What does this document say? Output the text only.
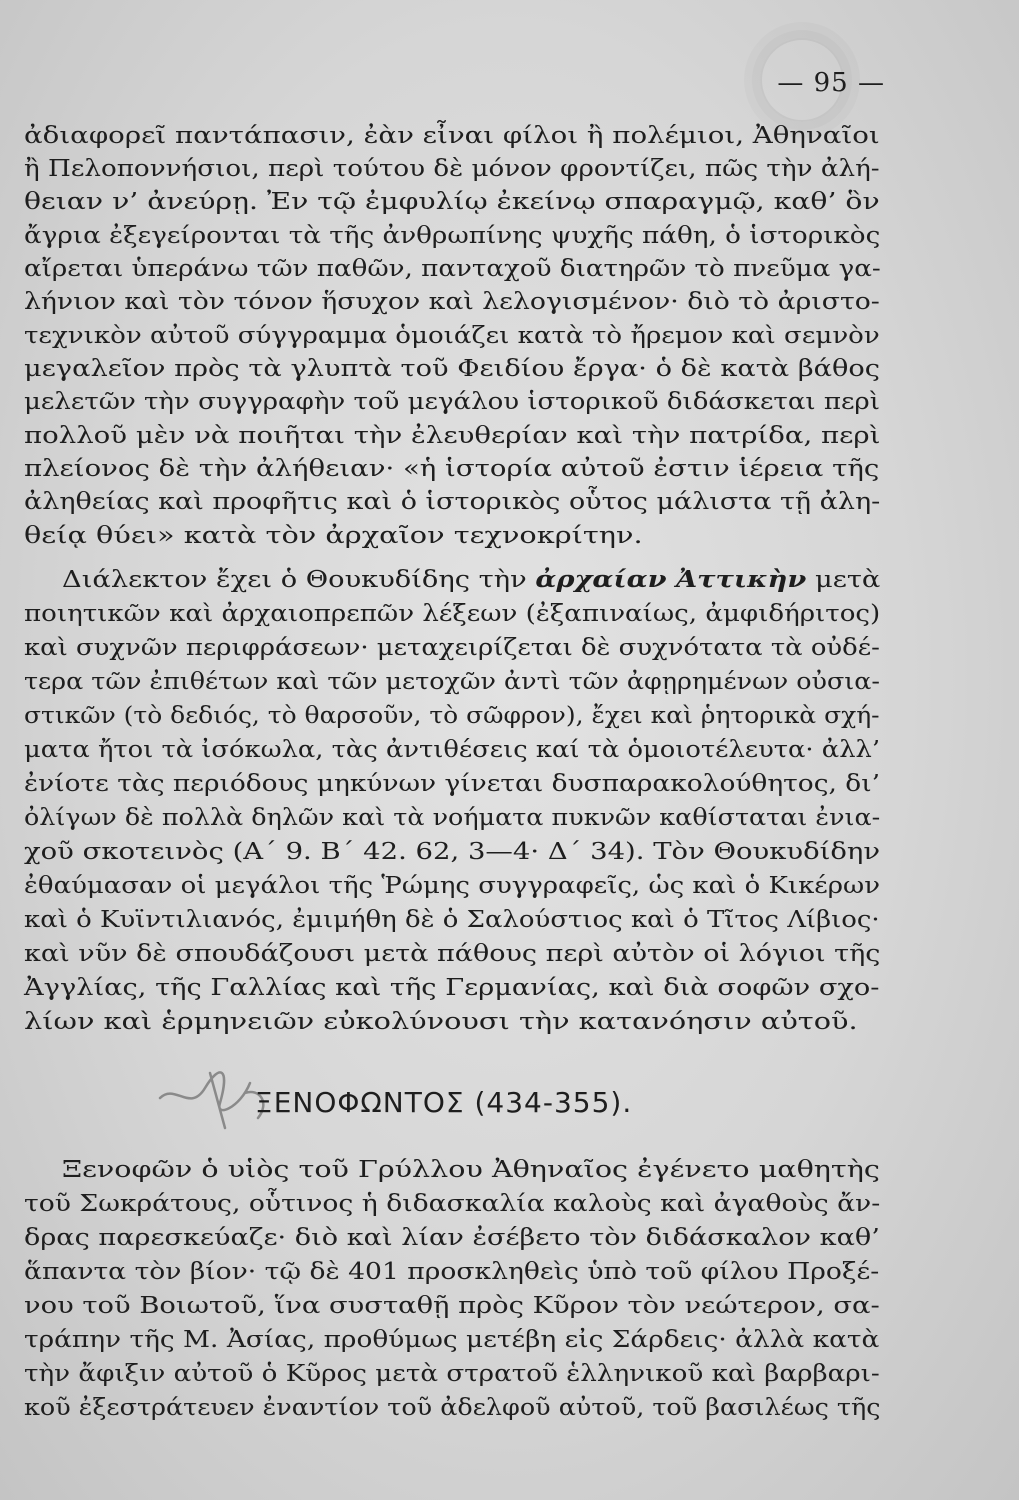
— 95 —
ἀδιαφορεῖ παντάπασιν, ἐὰν εἶναι φίλοι ἢ πολέμιοι, Ἀθηναῖοι
ἢ Πελοποννήσιοι, περὶ τούτου δὲ μόνον φροντίζει, πῶς τὴν ἀλή-
θειαν ν’ ἀνεύρῃ. Ἐν τῷ ἐμφυλίῳ ἐκείνῳ σπαραγμῷ, καθ’ ὃν
ἄγρια ἐξεγείρονται τὰ τῆς ἀνθρωπίνης ψυχῆς πάθη, ὁ ἱστορικὸς
αἴρεται ὑπεράνω τῶν παθῶν, πανταχοῦ διατηρῶν τὸ πνεῦμα γα-
λήνιον καὶ τὸν τόνον ἥσυχον καὶ λελογισμένον· διὸ τὸ ἀριστο-
τεχνικὸν αὐτοῦ σύγγραμμα ὁμοιάζει κατὰ τὸ ἤρεμον καὶ σεμνὸν
μεγαλεῖον πρὸς τὰ γλυπτὰ τοῦ Φειδίου ἔργα· ὁ δὲ κατὰ βάθος
μελετῶν τὴν συγγραφὴν τοῦ μεγάλου ἱστορικοῦ διδάσκεται περὶ
πολλοῦ μὲν νὰ ποιῆται τὴν ἐλευθερίαν καὶ τὴν πατρίδα, περὶ
πλείονος δὲ τὴν ἀλήθειαν· «ἡ ἱστορία αὐτοῦ ἐστιν ἱέρεια τῆς
ἀληθείας καὶ προφῆτις καὶ ὁ ἱστορικὸς οὗτος μάλιστα τῇ ἀλη-
θείᾳ θύει» κατὰ τὸν ἀρχαῖον τεχνοκρίτην.
Διάλεκτον ἔχει ὁ Θουκυδίδης τὴν ἀρχαίαν Ἀττικὴν μετὰ
ποιητικῶν καὶ ἀρχαιοπρεπῶν λέξεων (ἐξαπιναίως, ἀμφιδήριτος)
καὶ συχνῶν περιφράσεων· μεταχειρίζεται δὲ συχνότατα τὰ οὐδέ-
τερα τῶν ἐπιθέτων καὶ τῶν μετοχῶν ἀντὶ τῶν ἀφῃρημένων οὐσια-
στικῶν (τὸ δεδιός, τὸ θαρσοῦν, τὸ σῶφρον), ἔχει καὶ ῥητορικὰ σχή-
ματα ἤτοι τὰ ἰσόκωλα, τὰς ἀντιθέσεις καί τὰ ὁμοιοτέλευτα· ἀλλ’
ἐνίοτε τὰς περιόδους μηκύνων γίνεται δυσπαρακολούθητος, δι’
ὀλίγων δὲ πολλὰ δηλῶν καὶ τὰ νοήματα πυκνῶν καθίσταται ἐνια-
χοῦ σκοτεινὸς (Α΄ 9. Β΄ 42. 62, 3—4· Δ΄ 34). Τὸν Θουκυδίδην
ἐθαύμασαν οἱ μεγάλοι τῆς Ῥώμης συγγραφεῖς, ὡς καὶ ὁ Κικέρων
καὶ ὁ Κυϊντιλιανός, ἐμιμήθη δὲ ὁ Σαλούστιος καὶ ὁ Τῖτος Λίβιος·
καὶ νῦν δὲ σπουδάζουσι μετὰ πάθους περὶ αὐτὸν οἱ λόγιοι τῆς
Ἀγγλίας, τῆς Γαλλίας καὶ τῆς Γερμανίας, καὶ διὰ σοφῶν σχο-
λίων καὶ ἑρμηνειῶν εὐκολύνουσι τὴν κατανόησιν αὐτοῦ.
ΞΕΝΟΦΩΝΤΟΣ (434-355).
Ξενοφῶν ὁ υἱὸς τοῦ Γρύλλου Ἀθηναῖος ἐγένετο μαθητὴς
τοῦ Σωκράτους, οὗτινος ἡ διδασκαλία καλοὺς καὶ ἀγαθοὺς ἄν-
δρας παρεσκεύαζε· διὸ καὶ λίαν ἐσέβετο τὸν διδάσκαλον καθ’
ἅπαντα τὸν βίον· τῷ δὲ 401 προσκληθεὶς ὑπὸ τοῦ φίλου Προξέ-
νου τοῦ Βοιωτοῦ, ἵνα συσταθῇ πρὸς Κῦρον τὸν νεώτερον, σα-
τράπην τῆς Μ. Ἀσίας, προθύμως μετέβη εἰς Σάρδεις· ἀλλὰ κατὰ
τὴν ἄφιξιν αὐτοῦ ὁ Κῦρος μετὰ στρατοῦ ἑλληνικοῦ καὶ βαρβαρι-
κοῦ ἐξεστράτευεν ἐναντίον τοῦ ἀδελφοῦ αὐτοῦ, τοῦ βασιλέως τῆς
